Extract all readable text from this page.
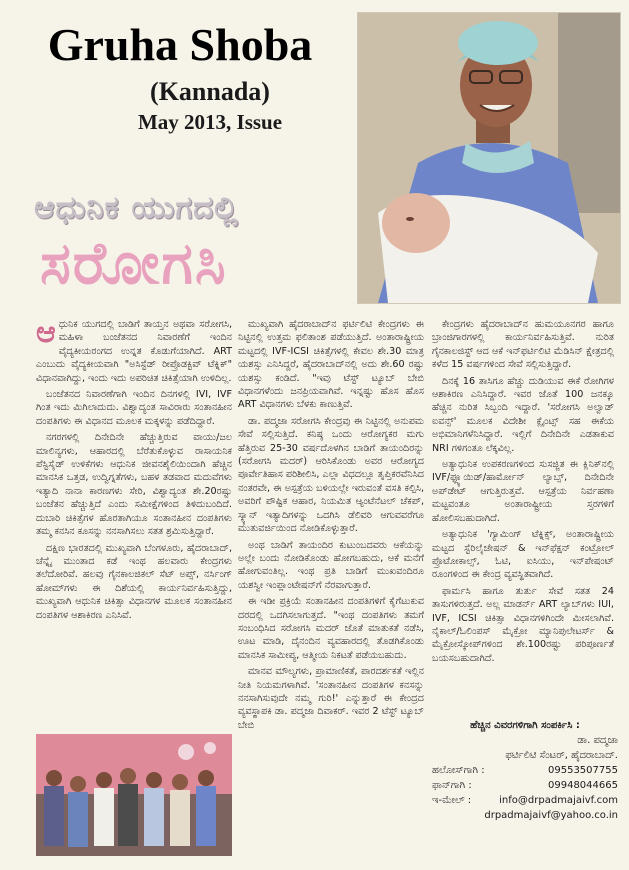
Gruha Shoba
(Kannada)
May 2013, Issue
ಆಧುನಿಕ ಯುಗದಲ್ಲಿ
ಸರೋಗಸಿ

ಆಧುನಿಕ ಯುಗದಲ್ಲಿ ಬಾಡಿಗೆ ತಾಯ್ತನ ಅಥವಾ ಸರೋಗಸಿ, ಮಹಿಳಾ ಬಂಜೆತನದ ನಿವಾರಣೆಗೆ ಇಂದಿನ ವೈದ್ಯಕೀಯರಂಗದ ಉನ್ನತ ಕೊಡುಗೆಯಾಗಿದೆ. ART ಎಂಬುದು ವೈದ್ಯಕೀಯವಾಗಿ "ಅಸಿಸ್ಟೆಡ್ ರೀಪ್ರೊಡಕ್ಟಿವ್ ಟೆಕ್ನಿಕ್" ವಿಧಾನವಾಗಿದ್ದು, ಇಂದು ಇದು ಅಪರಿಚಿತ ಚಿಕಿತ್ಸೆಯಾಗಿ ಉಳಿದಿಲ್ಲ.

ಬಂಜೆತನದ ನಿವಾರಣೆಗಾಗಿ ಇಂದಿನ ದಿನಗಳಲ್ಲಿ IVI, IVF ಗಿಂತ ಇದು ಮಿಗಿಲಾದುದು. ವಿಶ್ವಾದ್ಯಂತ ಸಾವಿರಾರು ಸಂತಾನಹೀನ ದಂಪತಿಗಳು ಈ ವಿಧಾನದ ಮೂಲಕ ಮಕ್ಕಳನ್ನು ಪಡೆದಿದ್ದಾರೆ.

ನಗರಗಳಲ್ಲಿ ದಿನೇದಿನೇ ಹೆಚ್ಚುತ್ತಿರುವ ವಾಯು/ಜಲ ಮಾಲಿನ್ಯಗಳು, ಆಹಾರದಲ್ಲಿ ಬೆರೆತುಕೊಳ್ಳುವ ರಾಸಾಯನಿಕ ಪೆಸ್ಟಿಸೈಡ್ ಉಳಿಕೆಗಳು ಆಧುನಿಕ ಜೀವನಶೈಲಿಯಿಂದಾಗಿ ಹೆಚ್ಚಿನ ಮಾನಸಿಕ ಒತ್ತಡ, ಉದ್ವಿಗ್ನತೆಗಳು, ಬಹಳ ತಡವಾದ ಮದುವೆಗಳು ಇತ್ಯಾದಿ ನಾನಾ ಕಾರಣಗಳು ಸೇರಿ, ವಿಶ್ವಾದ್ಯಂತ ಶೇ.20ರಷ್ಟು ಬಂಜೆತನ ಹೆಚ್ಚುತ್ತಿದೆ ಎಂದು ಸಮೀಕ್ಷೆಗಳಿಂದ ತಿಳಿದುಬಂದಿದೆ. ದುಬಾರಿ ಚಿಕಿತ್ಸೆಗಳ ಹೊರತಾಗಿಯೂ ಸಂತಾನಹೀನ ದಂಪತಿಗಳು ತಮ್ಮ ಕನಸಿನ ಕೂಸನ್ನು ನನಸಾಗಿಸಲು ಸತತ ಶ್ರಮಿಸುತ್ತಿದ್ದಾರೆ.

ದಕ್ಷಿಣ ಭಾರತದಲ್ಲಿ ಮುಖ್ಯವಾಗಿ ಬೆಂಗಳೂರು, ಹೈದರಾಬಾದ್, ಚೆನ್ನೈ ಮುಂತಾದ ಕಡೆ ಇಂಥ ಹಲವಾರು ಕೇಂದ್ರಗಳು ತಲೆದೋರಿವೆ. ಹಲವು ಗೈನಕಾಲಜಿಕಲ್ ಸೆಟ್ ಅಪ್ಸ್, ನರ್ಸಿಂಗ್ ಹೋಮ್‌ಗಳು ಈ ದಿಶೆಯಲ್ಲಿ ಕಾರ್ಯನಿರ್ವಹಿಸುತ್ತಿದ್ದು, ಮುಖ್ಯವಾಗಿ ಆಧುನಿಕ ಚಿಕಿತ್ಸಾ ವಿಧಾನಗಳ ಮೂಲಕ ಸಂತಾನಹೀನ ದಂಪತಿಗಳ ಆಶಾಕಿರಣ ಎನಿಸಿವೆ.

ಮುಖ್ಯವಾಗಿ ಹೈದರಾಬಾದ್‌ನ ಫರ್ಟಿಲಿಟಿ ಕೇಂದ್ರಗಳು ಈ ನಿಟ್ಟಿನಲ್ಲಿ ಉತ್ತಮ ಫಲಿತಾಂಶ ಪಡೆಯುತ್ತಿದೆ. ಅಂತಾರಾಷ್ಟ್ರೀಯ ಮಟ್ಟದಲ್ಲಿ IVF-ICSI ಚಿಕಿತ್ಸೆಗಳಲ್ಲಿ ಕೇವಲ ಶೇ.30 ಮಾತ್ರ ಯಶಸ್ಸು ಎನಿಸಿದ್ದರೆ, ಹೈದರಾಬಾದ್‌ನಲ್ಲಿ ಅದು ಶೇ.60 ರಷ್ಟು ಯಶಸ್ಸು ಕಂಡಿದೆ. "ಇವು ಟೆಸ್ಟ್ ಟ್ಯೂಬ್ ಬೇಬಿ ವಿಧಾನಗಳೆಂದು ಜನಪ್ರಿಯವಾಗಿವೆ. ಇನ್ನಷ್ಟು ಹೊಸ ಹೊಸ ART ವಿಧಾನಗಳು ಬೆಳಕು ಕಾಣುತ್ತಿವೆ.

ಡಾ. ಪದ್ಮಜಾ ಸರೋಗಸಿ ಕೇಂದ್ರವು ಈ ನಿಟ್ಟಿನಲ್ಲಿ ಅನುಪಮ ಸೇವೆ ಸಲ್ಲಿಸುತ್ತಿದೆ. ಕನಿಷ್ಠ ಒಂದು ಆರೋಗ್ಯಕರ ಮಗು ಹೆತ್ತಿರುವ 25-30 ವರ್ಷದೊಳಗಿನ ಬಾಡಿಗೆ ತಾಯಂದಿರನ್ನು (ಸರೋಗಸಿ ಮದರ್) ಆರಿಸಿಕೊಂಡು ಅವರ ಆರೋಗ್ಯದ ಪೂರ್ವೇತಿಹಾಸ ಪರಿಶೀಲಿಸಿ, ಎಲ್ಲಾ ವಿಧದಲ್ಲೂ ತೃಪ್ತಿಕರವೆನಿಸಿದ ನಂತರವೇ, ಈ ಅಸ್ಪತ್ರೆಯ ಬಳಿಯಲ್ಲೇ ಇರುವಂತೆ ವಸತಿ ಕಲ್ಪಿಸಿ, ಅವರಿಗೆ ಪೌಷ್ಟಿಕ ಆಹಾರ, ನಿಯಮಿತ ಆ್ಯಂಟೆನೆಟಲ್ ಚೆಕಪ್, ಸ್ಕ್ಯಾನ್ ಇತ್ಯಾದಿಗಳನ್ನು ಒದಗಿಸಿ ಡೆಲಿವರಿ ಆಗುವವರೆಗೂ ಮುತುವರ್ಜಿಯಿಂದ ನೋಡಿಕೊಳ್ಳುತ್ತಾರೆ.

ಅಂಥ ಬಾಡಿಗೆ ತಾಯಂದಿರ ಕುಟುಂಬದವರು ಆಕೆಯನ್ನು ಅಲ್ಲೇ ಬಂದು ನೋಡಿಕೊಂಡು ಹೋಗಬಹುದು, ಆಕೆ ಮನೆಗೆ ಹೋಗುವಂತಿಲ್ಲ. ಇಂಥ ಪ್ರತಿ ಬಾಡಿಗೆ ಮುಖವಂದಿರೂ ಯಶಸ್ವೀ ಇಂಪ್ಲಾಂಟೇಷನ್‌ಗೆ ನೆರವಾಗುತ್ತಾರೆ.

ಈ ಇಡೀ ಪ್ರಕ್ರಿಯೆ ಸಂತಾನಹೀನ ದಂಪತಿಗಳಿಗೆ ಕೈಗೆಟುಕುವ ದರದಲ್ಲಿ ಒದಗಿಸಲಾಗುತ್ತದೆ. "ಇಂಥ ದಂಪತಿಗಳು ತಮಗೆ ಸಂಬಂಧಿಸಿದ ಸರೋಗಸಿ ಮದರ್ ಜೊತೆ ಮಾತುಕತೆ ನಡೆಸಿ, ಊಟ ಮಾಡಿ, ದೈನಂದಿನ ವ್ಯವಹಾರದಲ್ಲಿ ತೊಡಗಿಕೊಂಡು ಮಾನಸಿಕ ಸಾಮೀಪ್ಯ, ಆತ್ಮೀಯ ನಿಕಟತೆ ಪಡೆಯಬಹುದು.

ಮಾನವ ಮೌಲ್ಯಗಳು, ಪ್ರಾಮಾಣಿಕತೆ, ಪಾರದರ್ಶಕತೆ ಇಲ್ಲಿನ ನೀತಿ ನಿಯಮಗಳಾಗಿವೆ. 'ಸಂತಾನಹೀನ ದಂಪತಿಗಳ ಕನಸನ್ನು ನನಸಾಗಿಸುವುದೇ ನಮ್ಮ ಗುರಿ!' ಎನ್ನುತ್ತಾರೆ ಈ ಕೇಂದ್ರದ ವ್ಯವಸ್ಥಾಪಕಿ ಡಾ. ಪದ್ಮಜಾ ದಿವಾಕರ್. ಇವರ 2 ಟೆಸ್ಟ್ ಟ್ಯೂಬ್ ಬೇಬಿ

ಕೇಂದ್ರಗಳು ಹೈದರಾಬಾದ್‌ನ ಹುಮಯೂನಗರ ಹಾಗೂ ಬ್ರಾಂಜಿಗಾರಗಳಲ್ಲಿ ಕಾರ್ಯನಿರ್ವಹಿಸುತ್ತಿವೆ. ನುರಿತ ಗೈನಕಾಲಜಿಸ್ಟ್ ಆದ ಆಕೆ ಇನ್‌ಫರ್ಟಿಲಿಟಿ ಮೆಡಿಸಿನ್ ಕ್ಷೇತ್ರದಲ್ಲಿ ಕಳೆದ 15 ವರ್ಷಗಳಿಂದ ಸೇವೆ ಸಲ್ಲಿಸುತ್ತಿದ್ದಾರೆ.

ದಿನಕ್ಕೆ 16 ತಾಸಿಗೂ ಹೆಚ್ಚು ದುಡಿಯುವ ಈಕೆ ರೋಗಿಗಳ ಆಶಾಕಿರಣ ಎನಿಸಿದ್ದಾರೆ. ಇವರ ಜೊತೆ 100 ಜನಕ್ಕೂ ಹೆಚ್ಚಿನ ನುರಿತ ಸಿಬ್ಬಂದಿ ಇದ್ದಾರೆ. 'ಸರೋಗಸಿ ಅಲ್ವಾಡ್ ಐವನ್ಸ್' ಮೂಲಕ ವಿದೇಶೀ ಕ್ಲೈಂಟ್ಸ್ ಸಹ ಈಕೆಯ ಅಭಿಮಾನಿಗಳೆನಿಸಿದ್ದಾರೆ. ಇಲ್ಲಿಗೆ ದಿನೇದಿನೇ ಎಡತಾಕುವ NRI ಗಳಿಗಂತೂ ಲೆಕ್ಕವಿಲ್ಲ.

ಅತ್ಯಾಧುನಿಕ ಉಪಕರಣಗಳಿಂದ ಸುಸಜ್ಜಿತ ಈ ಕ್ಲಿನಿಕ್‌ನಲ್ಲಿ IVF/ಫ್ಲ್ಯೂಯಿಡ್/ಹಾರ್ಮೋನ್ ಲ್ಯಾಬ್ಸ್, ದಿನೇದಿನೇ ಅಪ್‌ಡೇಟ್ ಆಗುತ್ತಿರುತ್ತವೆ. ಆಸ್ಪತ್ರೆಯ ನಿರ್ವಹಣಾ ಮಟ್ಟವಂತೂ ಅಂತಾರಾಷ್ಟ್ರೀಯ ಸ್ತರಗಳಿಗೆ ಹೋಲಿಸಬಹುದಾಗಿದೆ.

ಅತ್ಯಾಧುನಿಕ 'ಗ್ಯಾಮಿಂಗ್ ಟೆಕ್ನಿಕ್ಸ್, ಅಂತಾರಾಷ್ಟ್ರೀಯ ಮಟ್ಟದ ಸ್ಟೆರಿಲೈಜೇಷನ್ & ಇನ್‌ಫೆಕ್ಷನ್ ಕಂಟ್ರೋಲ್ ಪ್ರೊಟೋಕಾಲ್ಸ್, ಓಟಿ, ಐಸಿಯು, ಇನ್‌ಪೇಷಂಟ್ ರೂಂಗಳಿಂದ ಈ ಕೇಂದ್ರ ವ್ಯವಸ್ಥಿತವಾಗಿದೆ.

ಫಾರ್ಮಸಿ ಹಾಗೂ ತುರ್ತು ಸೇವೆ ಸತತ 24 ತಾಸುಗಳಿರುತ್ತದೆ. ಅಲ್ಲ ಮಾಡರ್ನ್ ART ಲ್ಯಾಬ್‌ಗಳು IUI, IVF, ICSI ಚಿಕಿತ್ಸಾ ವಿಧಾನಗಳಿಗಿಂದೇ ಮೀಸಲಾಗಿವೆ. ನೈಕಾಲ್/ಓಲಿಂಪಸ್ ಮೈಕ್ರೋ ಮ್ಯಾನಿಪುಲೇಟರ್ಸ್ & ಮೈಕ್ರೋಸ್ಕೋಪ್‌ಗಳಿಂದ ಶೇ.100ರಷ್ಟು ಪರಿಪೂರ್ಣತೆ ಬಯಸಬಹುದಾಗಿದೆ.

ಹೆಚ್ಚಿನ ವಿವರಗಳಿಗಾಗಿ ಸಂಪರ್ಕಿಸಿ :
ಡಾ. ಪದ್ಮಜಾ
ಫರ್ಟಿಲಿಟಿ ಸೆಂಟರ್, ಹೈದರಾಬಾದ್.
ಹಲೋಸ್‌ಗಾಗಿ :	09553507755
ಫಾನ್‌ಗಾಗಿ :	09948044665
ಇ-ಮೇಲ್ :	info@drpadmajaivf.com
drpadmajaivf@yahoo.co.in
